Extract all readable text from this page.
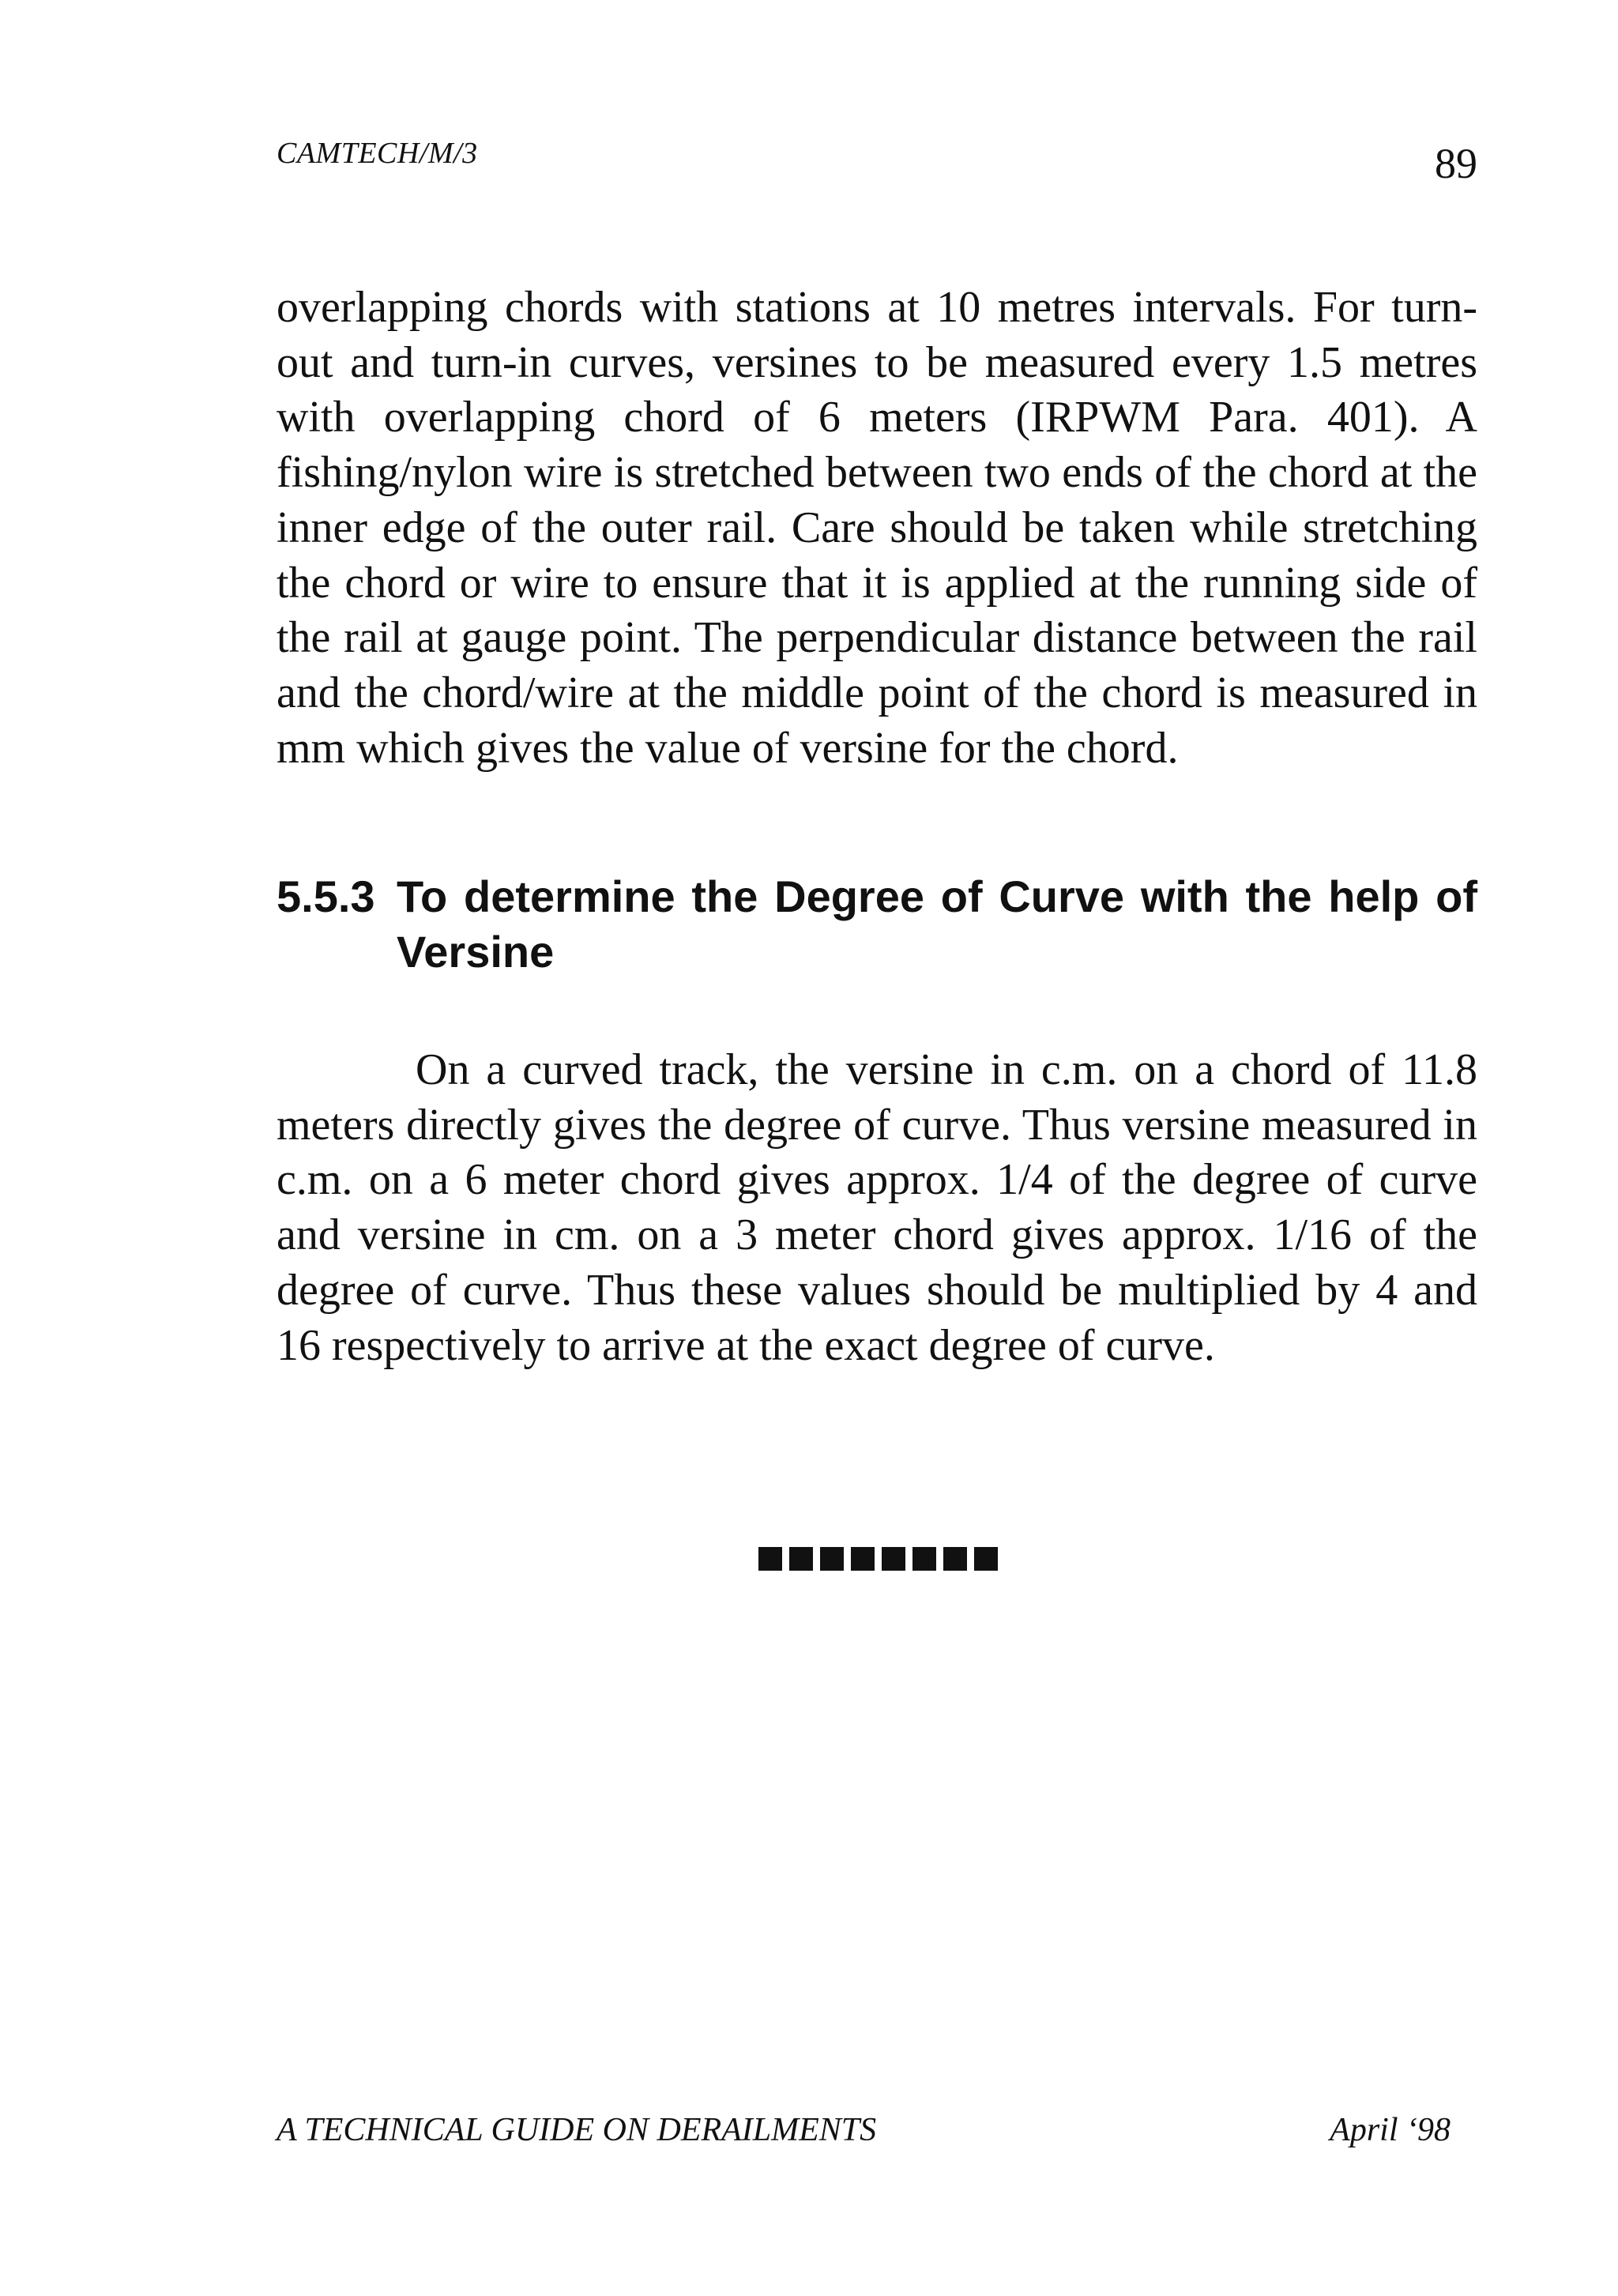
CAMTECH/M/3	89

overlapping chords with stations at 10 metres intervals. For turn-out and turn-in curves, versines to be measured every 1.5 metres with overlapping chord of 6 meters (IRPWM Para. 401). A fishing/nylon wire is stretched between two ends of the chord at the inner edge of the outer rail. Care should be taken while stretching the chord or wire to ensure that it is applied at the running side of the rail at gauge point. The perpendicular distance between the rail and the chord/wire at the middle point of the chord is measured in mm which gives the value of versine for the chord.

5.5.3 To determine the Degree of Curve with the help of Versine

On a curved track, the versine in c.m. on a chord of 11.8 meters directly gives the degree of curve. Thus versine measured in c.m. on a 6 meter chord gives approx. 1/4 of the degree of curve and versine in cm. on a 3 meter chord gives approx. 1/16 of the degree of curve. Thus these values should be multiplied by 4 and 16 respectively to arrive at the exact degree of curve.

A TECHNICAL GUIDE ON DERAILMENTS	April ‘98
